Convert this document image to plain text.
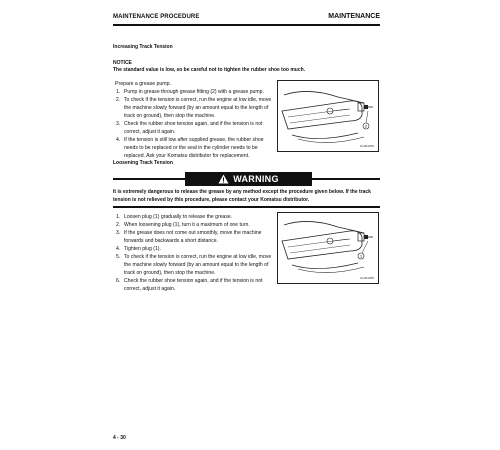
MAINTENANCE PROCEDURE	MAINTENANCE
Increasing Track Tension
NOTICE
The standard value is low, so be careful not to tighten the rubber shoe too much.
Prepare a grease pump.
1. Pump in grease through grease fitting (2) with a grease pump.
2. To check if the tension is correct, run the engine at low idle, move the machine slowly forward (by an amount equal to the length of track on ground), then stop the machine.
3. Check the rubber shoe tension again, and if the tension is not correct, adjust it again.
4. If the tension is still low after supplied grease, the rubber shoe needs to be replaced or the seal in the cylinder needs to be replaced. Ask your Komatsu distributor for replacement.
2
3LAB1056
Loosening Track Tension
WARNING
It is extremely dangerous to release the grease by any method except the procedure given below. If the track tension is not relieved by this procedure, please contact your Komatsu distributor.
1. Loosen plug (1) gradually to release the grease.
2. When loosening plug (1), turn it a maximum of one turn.
3. If the grease does not come out smoothly, move the machine forwards and backwards a short distance.
4. Tighten plug (1).
5. To check if the tension is correct, run the engine at low idle, move the machine slowly forward (by an amount equal to the length of track on ground), then stop the machine.
6. Check the rubber shoe tension again, and if the tension is not correct, adjust it again.
1
3LAB1055
4 - 30
